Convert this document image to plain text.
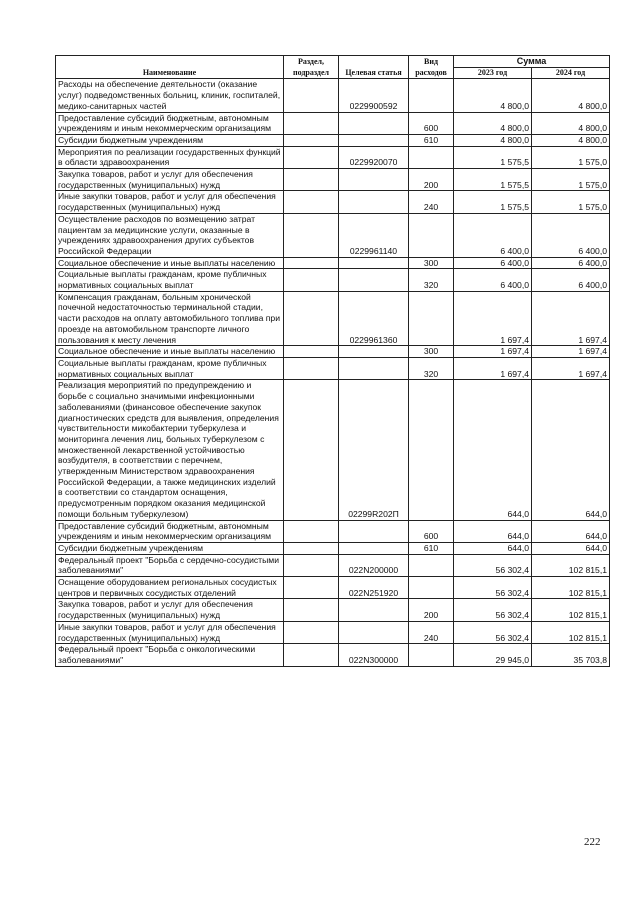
Наименование	Раздел, подраздел	Целевая статья	Вид расходов	Сумма	
				2023 год	2024 год
Расходы на обеспечение деятельности (оказание услуг) подведомственных больниц, клиник, госпиталей, медико-санитарных частей		0229900592		4 800,0	4 800,0
Предоставление субсидий бюджетным, автономным учреждениям и иным некоммерческим организациям			600	4 800,0	4 800,0
Субсидии бюджетным учреждениям			610	4 800,0	4 800,0
Мероприятия по реализации государственных функций в области здравоохранения		0229920070		1 575,5	1 575,0
Закупка товаров, работ и услуг для обеспечения государственных (муниципальных) нужд			200	1 575,5	1 575,0
Иные закупки товаров, работ и услуг для обеспечения государственных (муниципальных) нужд			240	1 575,5	1 575,0
Осуществление расходов по возмещению затрат пациентам за медицинские услуги, оказанные в учреждениях здравоохранения других субъектов Российской Федерации		0229961140		6 400,0	6 400,0
Социальное обеспечение и иные выплаты населению			300	6 400,0	6 400,0
Социальные выплаты гражданам, кроме публичных нормативных социальных выплат			320	6 400,0	6 400,0
Компенсация гражданам, больным хронической почечной недостаточностью терминальной стадии, части расходов на оплату автомобильного топлива при проезде на автомобильном транспорте личного пользования к месту лечения		0229961360		1 697,4	1 697,4
Социальное обеспечение и иные выплаты населению			300	1 697,4	1 697,4
Социальные выплаты гражданам, кроме публичных нормативных социальных выплат			320	1 697,4	1 697,4
Реализация мероприятий по предупреждению и борьбе с социально значимыми инфекционными заболеваниями (финансовое обеспечение закупок диагностических средств для выявления, определения чувствительности микобактерии туберкулеза и мониторинга лечения лиц, больных туберкулезом с множественной лекарственной устойчивостью возбудителя, в соответствии с перечнем, утвержденным Министерством здравоохранения Российской Федерации, а также медицинских изделий в соответствии со стандартом оснащения, предусмотренным порядком оказания медицинской помощи больным туберкулезом)		02299R202П		644,0	644,0
Предоставление субсидий бюджетным, автономным учреждениям и иным некоммерческим организациям			600	644,0	644,0
Субсидии бюджетным учреждениям			610	644,0	644,0
Федеральный проект "Борьба с сердечно-сосудистыми заболеваниями"		022N200000		56 302,4	102 815,1
Оснащение оборудованием региональных сосудистых центров и первичных сосудистых отделений		022N251920		56 302,4	102 815,1
Закупка товаров, работ и услуг для обеспечения государственных (муниципальных) нужд			200	56 302,4	102 815,1
Иные закупки товаров, работ и услуг для обеспечения государственных (муниципальных) нужд			240	56 302,4	102 815,1
Федеральный проект "Борьба с онкологическими заболеваниями"		022N300000		29 945,0	35 703,8
222
